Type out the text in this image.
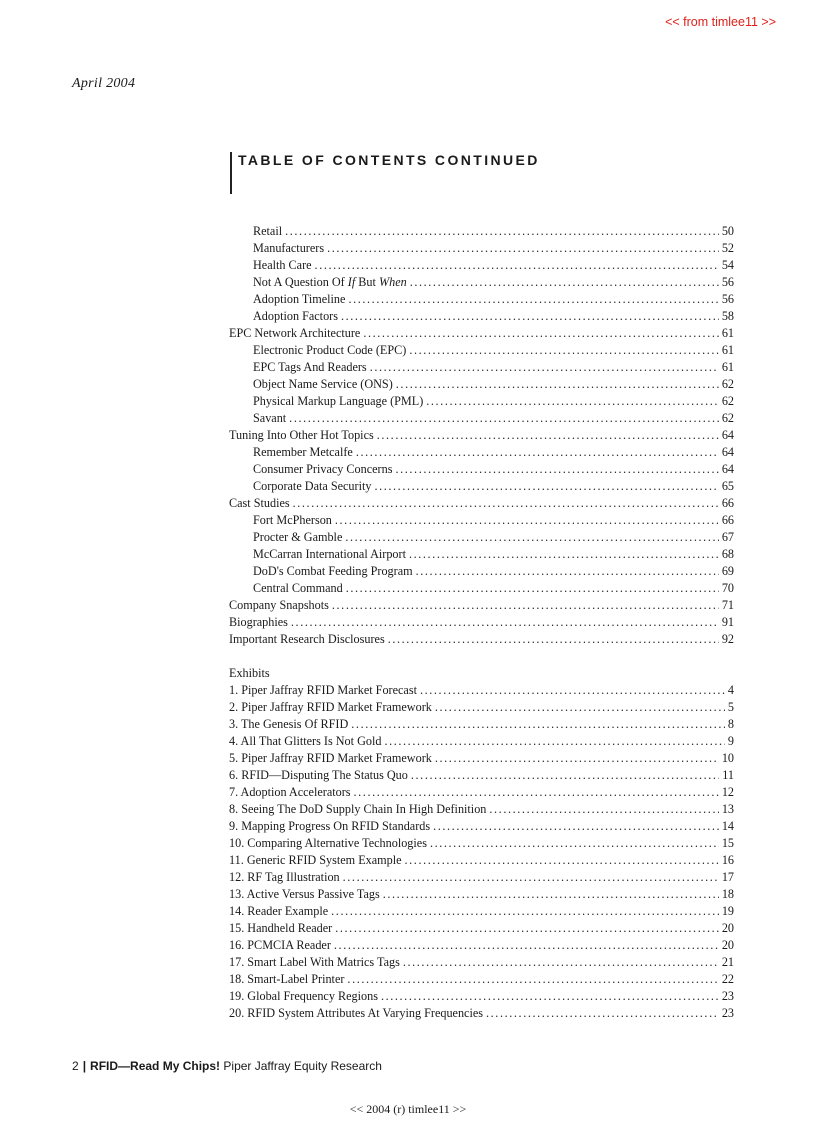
<< from timlee11 >>
April 2004
TABLE OF CONTENTS CONTINUED
Retail .....	50
Manufacturers .....	52
Health Care .....	54
Not A Question Of If But When .....	56
Adoption Timeline .....	56
Adoption Factors .....	58
EPC Network Architecture .....	61
Electronic Product Code (EPC) .....	61
EPC Tags And Readers .....	61
Object Name Service (ONS) .....	62
Physical Markup Language (PML) .....	62
Savant .....	62
Tuning Into Other Hot Topics .....	64
Remember Metcalfe .....	64
Consumer Privacy Concerns .....	64
Corporate Data Security .....	65
Cast Studies .....	66
Fort McPherson .....	66
Procter & Gamble .....	67
McCarran International Airport .....	68
DoD's Combat Feeding Program .....	69
Central Command .....	70
Company Snapshots .....	71
Biographies .....	91
Important Research Disclosures .....	92
Exhibits
1. Piper Jaffray RFID Market Forecast .....	4
2. Piper Jaffray RFID Market Framework .....	5
3. The Genesis Of RFID .....	8
4. All That Glitters Is Not Gold .....	9
5. Piper Jaffray RFID Market Framework .....	10
6. RFID—Disputing The Status Quo .....	11
7. Adoption Accelerators .....	12
8. Seeing The DoD Supply Chain In High Definition .....	13
9. Mapping Progress On RFID Standards .....	14
10. Comparing Alternative Technologies .....	15
11. Generic RFID System Example .....	16
12. RF Tag Illustration .....	17
13. Active Versus Passive Tags .....	18
14. Reader Example .....	19
15. Handheld Reader .....	20
16. PCMCIA Reader .....	20
17. Smart Label With Matrics Tags .....	21
18. Smart-Label Printer .....	22
19. Global Frequency Regions .....	23
20. RFID System Attributes At Varying Frequencies .....	23
2 | RFID—Read My Chips! Piper Jaffray Equity Research
<< 2004 (r) timlee11 >>
